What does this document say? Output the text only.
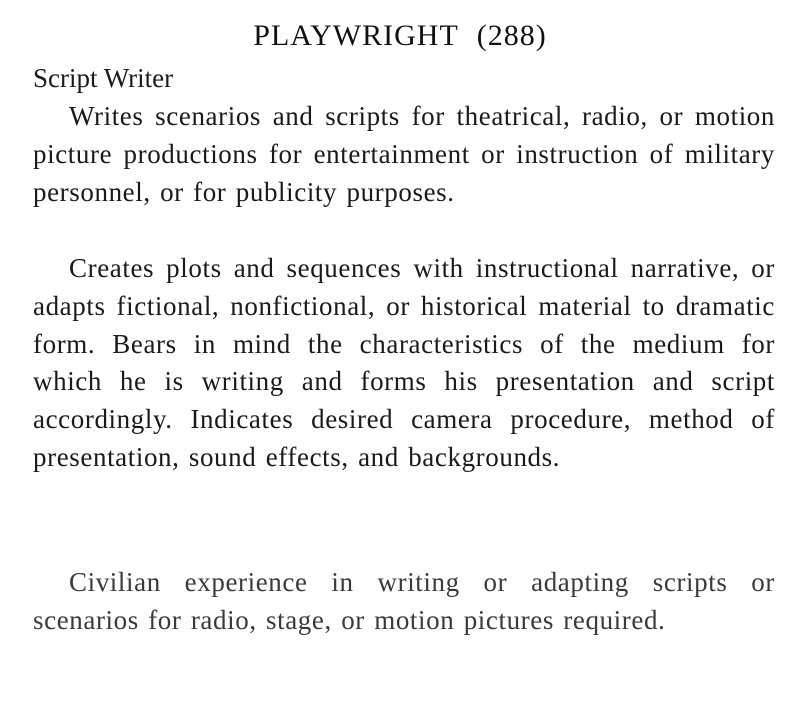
PLAYWRIGHT (288)
Script Writer
Writes scenarios and scripts for theatrical, radio, or motion picture productions for entertainment or instruction of military personnel, or for publicity purposes.
Creates plots and sequences with instructional narrative, or adapts fictional, nonfictional, or historical material to dramatic form. Bears in mind the characteristics of the medium for which he is writing and forms his presentation and script accordingly. Indicates desired camera procedure, method of presentation, sound effects, and backgrounds.
Civilian experience in writing or adapting scripts or scenarios for radio, stage, or motion pictures required.
